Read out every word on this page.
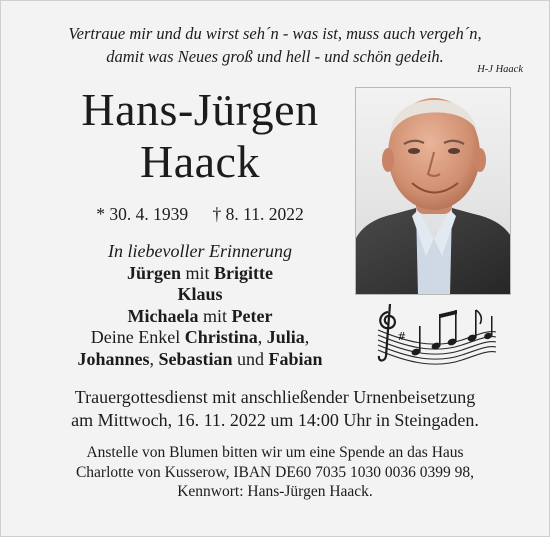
Vertraue mir und du wirst seh´n - was ist, muss auch vergeh´n,
damit was Neues groß und hell - und schön gedeih.
H-J Haack
Hans-Jürgen
Haack
* 30. 4. 1939 † 8. 11. 2022
In liebevoller Erinnerung
Jürgen mit Brigitte
Klaus
Michaela mit Peter
Deine Enkel Christina, Julia,
Johannes, Sebastian und Fabian
#
Trauergottesdienst mit anschließender Urnenbeisetzung
am Mittwoch, 16. 11. 2022 um 14:00 Uhr in Steingaden.
Anstelle von Blumen bitten wir um eine Spende an das Haus
Charlotte von Kusserow, IBAN DE60 7035 1030 0036 0399 98,
Kennwort: Hans-Jürgen Haack.
